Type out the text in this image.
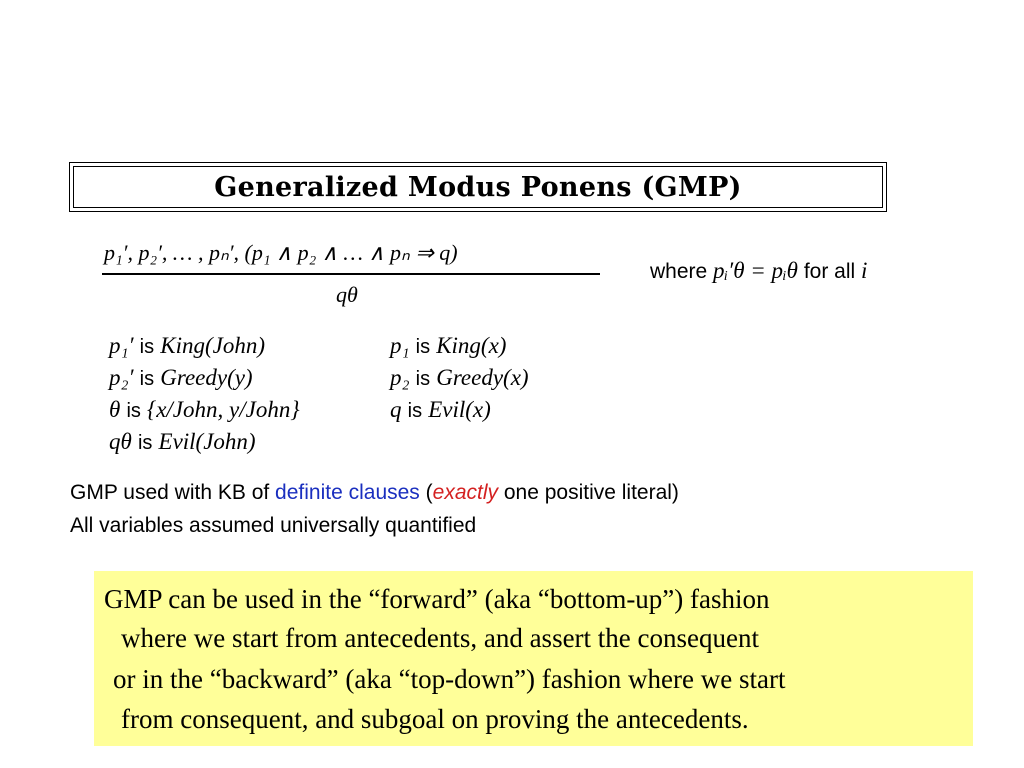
Generalized Modus Ponens (GMP)
p₁′, p₂′, … , pₙ′, (p₁ ∧ p₂ ∧ … ∧ pₙ ⇒ q)
qθ
where pᵢ′θ = pᵢθ for all i
p₁′ is King(John)
p₂′ is Greedy(y)
θ is {x/John, y/John}
qθ is Evil(John)
p₁ is King(x)
p₂ is Greedy(x)
q is Evil(x)
GMP used with KB of definite clauses (exactly one positive literal)
All variables assumed universally quantified
GMP can be used in the “forward” (aka “bottom-up”) fashion
where we start from antecedents, and assert the consequent
or in the “backward” (aka “top-down”) fashion where we start
from consequent, and subgoal on proving the antecedents.
